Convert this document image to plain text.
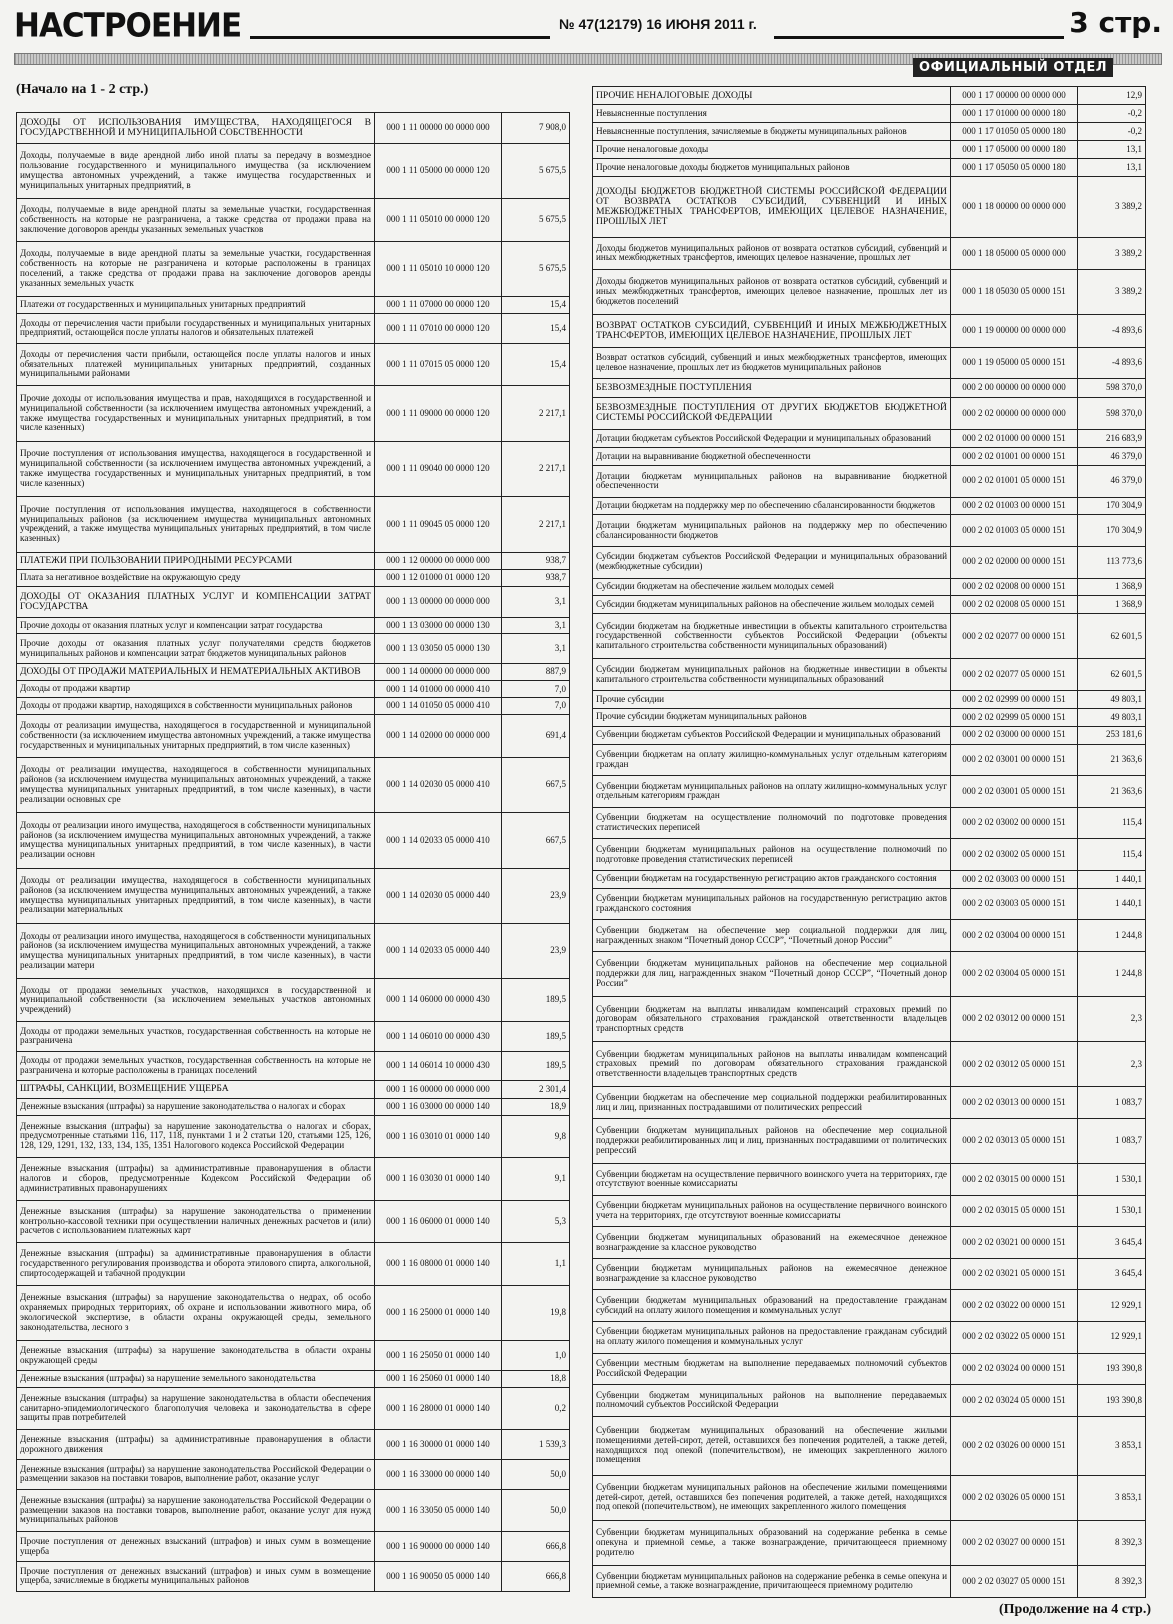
НАСТРОЕНИЕ	№ 47(12179) 16 ИЮНЯ 2011 г.	3 стр.
ОФИЦИАЛЬНЫЙ ОТДЕЛ
(Начало на 1 - 2 стр.)
ДОХОДЫ ОТ ИСПОЛЬЗОВАНИЯ ИМУЩЕСТВА, НАХОДЯЩЕГОСЯ В ГОСУДАРСТВЕННОЙ И МУНИЦИПАЛЬНОЙ СОБСТВЕННОСТИ	000 1 11 00000 00 0000 000	7 908,0
Доходы, получаемые в виде арендной либо иной платы за передачу в возмездное пользование государственного и муниципального имущества (за исключением имущества автономных учреждений, а также имущества государственных и муниципальных унитарных предприятий, в	000 1 11 05000 00 0000 120	5 675,5
Доходы, получаемые в виде арендной платы за земельные участки, государственная собственность на которые не разграничена, а также средства от продажи права на заключение договоров аренды указанных земельных участков	000 1 11 05010 00 0000 120	5 675,5
Доходы, получаемые в виде арендной платы за земельные участки, государственная собственность на которые не разграничена и которые расположены в границах поселений, а также средства от продажи права на заключение договоров аренды указанных земельных участк	000 1 11 05010 10 0000 120	5 675,5
Платежи от государственных и муниципальных унитарных предприятий	000 1 11 07000 00 0000 120	15,4
Доходы от перечисления части прибыли государственных и муниципальных унитарных предприятий, остающейся после уплаты налогов и обязательных платежей	000 1 11 07010 00 0000 120	15,4
Доходы от перечисления части прибыли, остающейся после уплаты налогов и иных обязательных платежей муниципальных унитарных предприятий, созданных муниципальными районами	000 1 11 07015 05 0000 120	15,4
Прочие доходы от использования имущества и прав, находящихся в государственной и муниципальной собственности (за исключением имущества автономных учреждений, а также имущества государственных и муниципальных унитарных предприятий, в том числе казенных)	000 1 11 09000 00 0000 120	2 217,1
Прочие поступления от использования имущества, находящегося в государственной и муниципальной собственности (за исключением имущества автономных учреждений, а также имущества государственных и муниципальных унитарных предприятий, в том числе казенных)	000 1 11 09040 00 0000 120	2 217,1
Прочие поступления от использования имущества, находящегося в собственности муниципальных районов (за исключением имущества муниципальных автономных учреждений, а также имущества муниципальных унитарных предприятий, в том числе казенных)	000 1 11 09045 05 0000 120	2 217,1
ПЛАТЕЖИ ПРИ ПОЛЬЗОВАНИИ ПРИРОДНЫМИ РЕСУРСАМИ	000 1 12 00000 00 0000 000	938,7
Плата за негативное воздействие на окружающую среду	000 1 12 01000 01 0000 120	938,7
ДОХОДЫ ОТ ОКАЗАНИЯ ПЛАТНЫХ УСЛУГ И КОМПЕНСАЦИИ ЗАТРАТ ГОСУДАРСТВА	000 1 13 00000 00 0000 000	3,1
Прочие доходы от оказания платных услуг и компенсации затрат государства	000 1 13 03000 00 0000 130	3,1
Прочие доходы от оказания платных услуг получателями средств бюджетов муниципальных районов и компенсации затрат бюджетов муниципальных районов	000 1 13 03050 05 0000 130	3,1
ДОХОДЫ ОТ ПРОДАЖИ МАТЕРИАЛЬНЫХ И НЕМАТЕРИАЛЬНЫХ АКТИВОВ	000 1 14 00000 00 0000 000	887,9
Доходы от продажи квартир	000 1 14 01000 00 0000 410	7,0
Доходы от продажи квартир, находящихся в собственности муниципальных районов	000 1 14 01050 05 0000 410	7,0
Доходы от реализации имущества, находящегося в государственной и муниципальной собственности (за исключением имущества автономных учреждений, а также имущества государственных и муниципальных унитарных предприятий, в том числе казенных)	000 1 14 02000 00 0000 000	691,4
Доходы от реализации имущества, находящегося в собственности муниципальных районов (за исключением имущества муниципальных автономных учреждений, а также имущества муниципальных унитарных предприятий, в том числе казенных), в части реализации основных сре	000 1 14 02030 05 0000 410	667,5
Доходы от реализации иного имущества, находящегося в собственности муниципальных районов (за исключением имущества муниципальных автономных учреждений, а также имущества муниципальных унитарных предприятий, в том числе казенных), в части реализации основн	000 1 14 02033 05 0000 410	667,5
Доходы от реализации имущества, находящегося в собственности муниципальных районов (за исключением имущества муниципальных автономных учреждений, а также имущества муниципальных унитарных предприятий, в том числе казенных), в части реализации материальных	000 1 14 02030 05 0000 440	23,9
Доходы от реализации иного имущества, находящегося в собственности муниципальных районов (за исключением имущества муниципальных автономных учреждений, а также имущества муниципальных унитарных предприятий, в том числе казенных), в части реализации матери	000 1 14 02033 05 0000 440	23,9
Доходы от продажи земельных участков, находящихся в государственной и муниципальной собственности (за исключением земельных участков автономных учреждений)	000 1 14 06000 00 0000 430	189,5
Доходы от продажи земельных участков, государственная собственность на которые не разграничена	000 1 14 06010 00 0000 430	189,5
Доходы от продажи земельных участков, государственная собственность на которые не разграничена и которые расположены в границах поселений	000 1 14 06014 10 0000 430	189,5
ШТРАФЫ, САНКЦИИ, ВОЗМЕЩЕНИЕ УЩЕРБА	000 1 16 00000 00 0000 000	2 301,4
Денежные взыскания (штрафы) за нарушение законодательства о налогах и сборах	000 1 16 03000 00 0000 140	18,9
Денежные взыскания (штрафы) за нарушение законодательства о налогах и сборах, предусмотренные статьями 116, 117, 118, пунктами 1 и 2 статьи 120, статьями 125, 126, 128, 129, 1291, 132, 133, 134, 135, 1351 Налогового кодекса Российской Федерации	000 1 16 03010 01 0000 140	9,8
Денежные взыскания (штрафы) за административные правонарушения в области налогов и сборов, предусмотренные Кодексом Российской Федерации об административных правонарушениях	000 1 16 03030 01 0000 140	9,1
Денежные взыскания (штрафы) за нарушение законодательства о применении контрольно-кассовой техники при осуществлении наличных денежных расчетов и (или) расчетов с использованием платежных карт	000 1 16 06000 01 0000 140	5,3
Денежные взыскания (штрафы) за административные правонарушения в области государственного регулирования производства и оборота этилового спирта, алкогольной, спиртосодержащей и табачной продукции	000 1 16 08000 01 0000 140	1,1
Денежные взыскания (штрафы) за нарушение законодательства о недрах, об особо охраняемых природных территориях, об охране и использовании животного мира, об экологической экспертизе, в области охраны окружающей среды, земельного законодательства, лесного з	000 1 16 25000 01 0000 140	19,8
Денежные взыскания (штрафы) за нарушение законодательства в области охраны окружающей среды	000 1 16 25050 01 0000 140	1,0
Денежные взыскания (штрафы) за нарушение земельного законодательства	000 1 16 25060 01 0000 140	18,8
Денежные взыскания (штрафы) за нарушение законодательства в области обеспечения санитарно-эпидемиологического благополучия человека и законодательства в сфере защиты прав потребителей	000 1 16 28000 01 0000 140	0,2
Денежные взыскания (штрафы) за административные правонарушения в области дорожного движения	000 1 16 30000 01 0000 140	1 539,3
Денежные взыскания (штрафы) за нарушение законодательства Российской Федерации о размещении заказов на поставки товаров, выполнение работ, оказание услуг	000 1 16 33000 00 0000 140	50,0
Денежные взыскания (штрафы) за нарушение законодательства Российской Федерации о размещении заказов на поставки товаров, выполнение работ, оказание услуг для нужд муниципальных районов	000 1 16 33050 05 0000 140	50,0
Прочие поступления от денежных взысканий (штрафов) и иных сумм в возмещение ущерба	000 1 16 90000 00 0000 140	666,8
Прочие поступления от денежных взысканий (штрафов) и иных сумм в возмещение ущерба, зачисляемые в бюджеты муниципальных районов	000 1 16 90050 05 0000 140	666,8
ПРОЧИЕ НЕНАЛОГОВЫЕ ДОХОДЫ	000 1 17 00000 00 0000 000	12,9
Невыясненные поступления	000 1 17 01000 00 0000 180	-0,2
Невыясненные поступления, зачисляемые в бюджеты муниципальных районов	000 1 17 01050 05 0000 180	-0,2
Прочие неналоговые доходы	000 1 17 05000 00 0000 180	13,1
Прочие неналоговые доходы бюджетов муниципальных районов	000 1 17 05050 05 0000 180	13,1
ДОХОДЫ БЮДЖЕТОВ БЮДЖЕТНОЙ СИСТЕМЫ РОССИЙСКОЙ ФЕДЕРАЦИИ ОТ ВОЗВРАТА ОСТАТКОВ СУБСИДИЙ, СУБВЕНЦИЙ И ИНЫХ МЕЖБЮДЖЕТНЫХ ТРАНСФЕРТОВ, ИМЕЮЩИХ ЦЕЛЕВОЕ НАЗНАЧЕНИЕ, ПРОШЛЫХ ЛЕТ	000 1 18 00000 00 0000 000	3 389,2
Доходы бюджетов муниципальных районов от возврата остатков субсидий, субвенций и иных межбюджетных трансфертов, имеющих целевое назначение, прошлых лет	000 1 18 05000 05 0000 000	3 389,2
Доходы бюджетов муниципальных районов от возврата остатков субсидий, субвенций и иных межбюджетных трансфертов, имеющих целевое назначение, прошлых лет из бюджетов поселений	000 1 18 05030 05 0000 151	3 389,2
ВОЗВРАТ ОСТАТКОВ СУБСИДИЙ, СУБВЕНЦИЙ И ИНЫХ МЕЖБЮДЖЕТНЫХ ТРАНСФЕРТОВ, ИМЕЮЩИХ ЦЕЛЕВОЕ НАЗНАЧЕНИЕ, ПРОШЛЫХ ЛЕТ	000 1 19 00000 00 0000 000	-4 893,6
Возврат остатков субсидий, субвенций и иных межбюджетных трансфертов, имеющих целевое назначение, прошлых лет из бюджетов муниципальных районов	000 1 19 05000 05 0000 151	-4 893,6
БЕЗВОЗМЕЗДНЫЕ ПОСТУПЛЕНИЯ	000 2 00 00000 00 0000 000	598 370,0
БЕЗВОЗМЕЗДНЫЕ ПОСТУПЛЕНИЯ ОТ ДРУГИХ БЮДЖЕТОВ БЮДЖЕТНОЙ СИСТЕМЫ РОССИЙСКОЙ ФЕДЕРАЦИИ	000 2 02 00000 00 0000 000	598 370,0
Дотации бюджетам субъектов Российской Федерации и муниципальных образований	000 2 02 01000 00 0000 151	216 683,9
Дотации на выравнивание бюджетной обеспеченности	000 2 02 01001 00 0000 151	46 379,0
Дотации бюджетам муниципальных районов на выравнивание бюджетной обеспеченности	000 2 02 01001 05 0000 151	46 379,0
Дотации бюджетам на поддержку мер по обеспечению сбалансированности бюджетов	000 2 02 01003 00 0000 151	170 304,9
Дотации бюджетам муниципальных районов на поддержку мер по обеспечению сбалансированности бюджетов	000 2 02 01003 05 0000 151	170 304,9
Субсидии бюджетам субъектов Российской Федерации и муниципальных образований (межбюджетные субсидии)	000 2 02 02000 00 0000 151	113 773,6
Субсидии бюджетам на обеспечение жильем молодых семей	000 2 02 02008 00 0000 151	1 368,9
Субсидии бюджетам муниципальных районов на обеспечение жильем молодых семей	000 2 02 02008 05 0000 151	1 368,9
Субсидии бюджетам на бюджетные инвестиции в объекты капитального строительства государственной собственности субъектов Российской Федерации (объекты капитального строительства собственности муниципальных образований)	000 2 02 02077 00 0000 151	62 601,5
Субсидии бюджетам муниципальных районов на бюджетные инвестиции в объекты капитального строительства собственности муниципальных образований	000 2 02 02077 05 0000 151	62 601,5
Прочие субсидии	000 2 02 02999 00 0000 151	49 803,1
Прочие субсидии бюджетам муниципальных районов	000 2 02 02999 05 0000 151	49 803,1
Субвенции бюджетам субъектов Российской Федерации и муниципальных образований	000 2 02 03000 00 0000 151	253 181,6
Субвенции бюджетам на оплату жилищно-коммунальных услуг отдельным категориям граждан	000 2 02 03001 00 0000 151	21 363,6
Субвенции бюджетам муниципальных районов на оплату жилищно-коммунальных услуг отдельным категориям граждан	000 2 02 03001 05 0000 151	21 363,6
Субвенции бюджетам на осуществление полномочий по подготовке проведения статистических переписей	000 2 02 03002 00 0000 151	115,4
Субвенции бюджетам муниципальных районов на осуществление полномочий по подготовке проведения статистических переписей	000 2 02 03002 05 0000 151	115,4
Субвенции бюджетам на государственную регистрацию актов гражданского состояния	000 2 02 03003 00 0000 151	1 440,1
Субвенции бюджетам муниципальных районов на государственную регистрацию актов гражданского состояния	000 2 02 03003 05 0000 151	1 440,1
Субвенции бюджетам на обеспечение мер социальной поддержки для лиц, награжденных знаком “Почетный донор СССР”, “Почетный донор России”	000 2 02 03004 00 0000 151	1 244,8
Субвенции бюджетам муниципальных районов на обеспечение мер социальной поддержки для лиц, награжденных знаком “Почетный донор СССР”, “Почетный донор России”	000 2 02 03004 05 0000 151	1 244,8
Субвенции бюджетам на выплаты инвалидам компенсаций страховых премий по договорам обязательного страхования гражданской ответственности владельцев транспортных средств	000 2 02 03012 00 0000 151	2,3
Субвенции бюджетам муниципальных районов на выплаты инвалидам компенсаций страховых премий по договорам обязательного страхования гражданской ответственности владельцев транспортных средств	000 2 02 03012 05 0000 151	2,3
Субвенции бюджетам на обеспечение мер социальной поддержки реабилитированных лиц и лиц, признанных пострадавшими от политических репрессий	000 2 02 03013 00 0000 151	1 083,7
Субвенции бюджетам муниципальных районов на обеспечение мер социальной поддержки реабилитированных лиц и лиц, признанных пострадавшими от политических репрессий	000 2 02 03013 05 0000 151	1 083,7
Субвенции бюджетам на осуществление первичного воинского учета на территориях, где отсутствуют военные комиссариаты	000 2 02 03015 00 0000 151	1 530,1
Субвенции бюджетам муниципальных районов на осуществление первичного воинского учета на территориях, где отсутствуют военные комиссариаты	000 2 02 03015 05 0000 151	1 530,1
Субвенции бюджетам муниципальных образований на ежемесячное денежное вознаграждение за классное руководство	000 2 02 03021 00 0000 151	3 645,4
Субвенции бюджетам муниципальных районов на ежемесячное денежное вознаграждение за классное руководство	000 2 02 03021 05 0000 151	3 645,4
Субвенции бюджетам муниципальных образований на предоставление гражданам субсидий на оплату жилого помещения и коммунальных услуг	000 2 02 03022 00 0000 151	12 929,1
Субвенции бюджетам муниципальных районов на предоставление гражданам субсидий на оплату жилого помещения и коммунальных услуг	000 2 02 03022 05 0000 151	12 929,1
Субвенции местным бюджетам на выполнение передаваемых полномочий субъектов Российской Федерации	000 2 02 03024 00 0000 151	193 390,8
Субвенции бюджетам муниципальных районов на выполнение передаваемых полномочий субъектов Российской Федерации	000 2 02 03024 05 0000 151	193 390,8
Субвенции бюджетам муниципальных образований на обеспечение жилыми помещениями детей-сирот, детей, оставшихся без попечения родителей, а также детей, находящихся под опекой (попечительством), не имеющих закрепленного жилого помещения	000 2 02 03026 00 0000 151	3 853,1
Субвенции бюджетам муниципальных районов на обеспечение жилыми помещениями детей-сирот, детей, оставшихся без попечения родителей, а также детей, находящихся под опекой (попечительством), не имеющих закрепленного жилого помещения	000 2 02 03026 05 0000 151	3 853,1
Субвенции бюджетам муниципальных образований на содержание ребенка в семье опекуна и приемной семье, а также вознаграждение, причитающееся приемному родителю	000 2 02 03027 00 0000 151	8 392,3
Субвенции бюджетам муниципальных районов на содержание ребенка в семье опекуна и приемной семье, а также вознаграждение, причитающееся приемному родителю	000 2 02 03027 05 0000 151	8 392,3
(Продолжение на 4 стр.)
